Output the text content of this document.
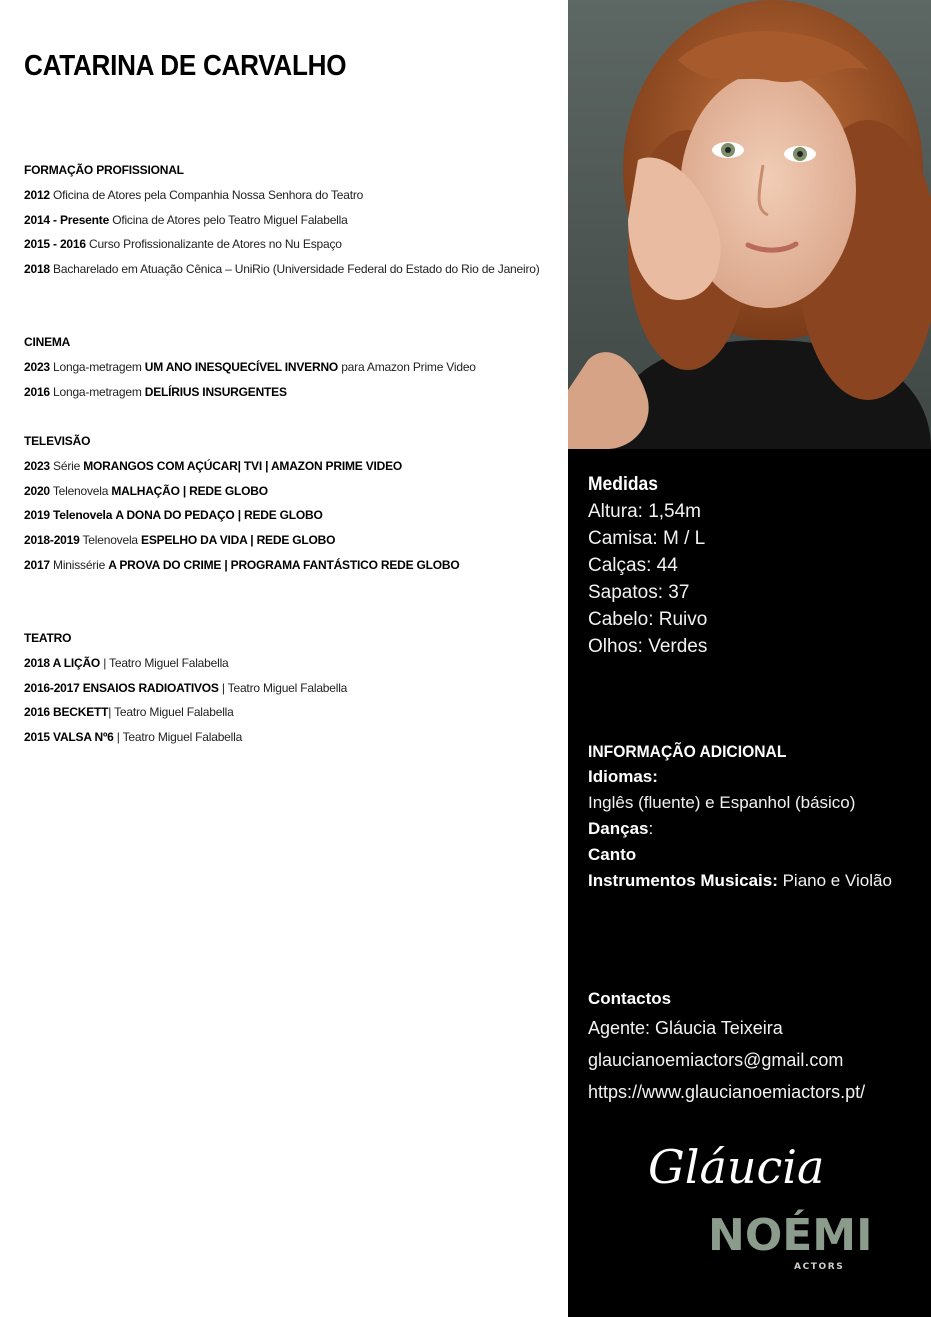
CATARINA DE CARVALHO
FORMAÇÃO PROFISSIONAL
2012 Oficina de Atores pela Companhia Nossa Senhora do Teatro
2014 - Presente Oficina de Atores pelo Teatro Miguel Falabella
2015 - 2016 Curso Profissionalizante de Atores no Nu Espaço
2018 Bacharelado em Atuação Cênica – UniRio (Universidade Federal do Estado do Rio de Janeiro)
CINEMA
2023 Longa-metragem UM ANO INESQUECÍVEL INVERNO para Amazon Prime Video
2016 Longa-metragem DELÍRIUS INSURGENTES
TELEVISÃO
2023 Série MORANGOS COM AÇÚCAR| TVI | AMAZON PRIME VIDEO
2020 Telenovela MALHAÇÃO | REDE GLOBO
2019 Telenovela A DONA DO PEDAÇO | REDE GLOBO
2018-2019 Telenovela ESPELHO DA VIDA | REDE GLOBO
2017 Minissérie A PROVA DO CRIME | PROGRAMA FANTÁSTICO REDE GLOBO
TEATRO
2018 A LIÇÃO | Teatro Miguel Falabella
2016-2017 ENSAIOS RADIOATIVOS | Teatro Miguel Falabella
2016 BECKETT| Teatro Miguel Falabella
2015 VALSA Nº6 | Teatro Miguel Falabella
Medidas
Altura: 1,54m
Camisa: M / L
Calças: 44
Sapatos: 37
Cabelo: Ruivo
Olhos: Verdes
INFORMAÇÃO ADICIONAL
Idiomas:
Inglês (fluente) e Espanhol (básico)
Danças:
Canto
Instrumentos Musicais: Piano e Violão
Contactos
Agente: Gláucia Teixeira
glaucianoemiactors@gmail.com
https://www.glaucianoemiactors.pt/
Gláucia
NOÉMI
ACTORS
